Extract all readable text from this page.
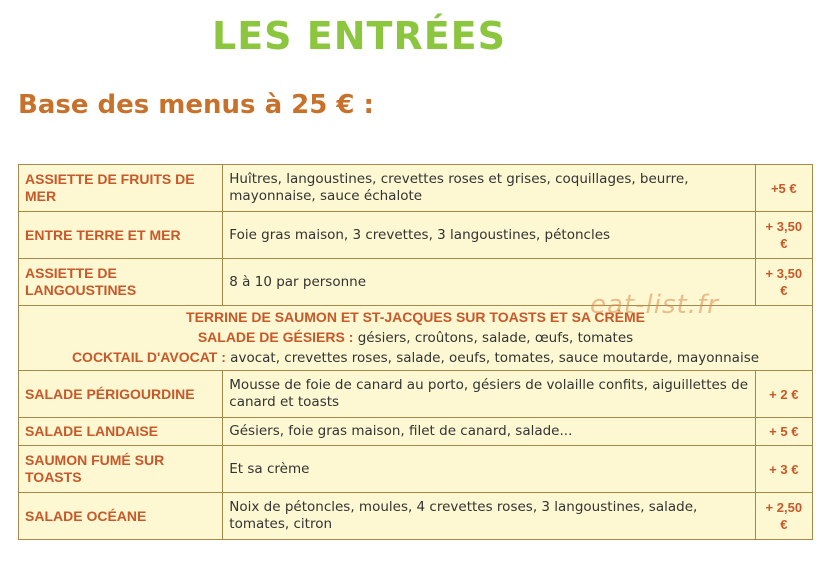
LES ENTRÉES
Base des menus à 25 € :
ASSIETTE DE FRUITS DE MER	Huîtres, langoustines, crevettes roses et grises, coquillages, beurre, mayonnaise, sauce échalote	+5 €
ENTRE TERRE ET MER	Foie gras maison, 3 crevettes, 3 langoustines, pétoncles	+ 3,50 €
ASSIETTE DE LANGOUSTINES	8 à 10 par personne	+ 3,50 €

TERRINE DE SAUMON ET ST-JACQUES SUR TOASTS ET SA CRÈME
SALADE DE GÉSIERS : gésiers, croûtons, salade, œufs, tomates
COCKTAIL D'AVOCAT : avocat, crevettes roses, salade, oeufs, tomates, sauce moutarde, mayonnaise		

SALADE PÉRIGOURDINE	Mousse de foie de canard au porto, gésiers de volaille confits, aiguillettes de canard et toasts	+ 2 €
SALADE LANDAISE	Gésiers, foie gras maison, filet de canard, salade...	+ 5 €
SAUMON FUMÉ SUR TOASTS	Et sa crème	+ 3 €
SALADE OCÉANE	Noix de pétoncles, moules, 4 crevettes roses, 3 langoustines, salade, tomates, citron	+ 2,50 €
eat-list.fr
